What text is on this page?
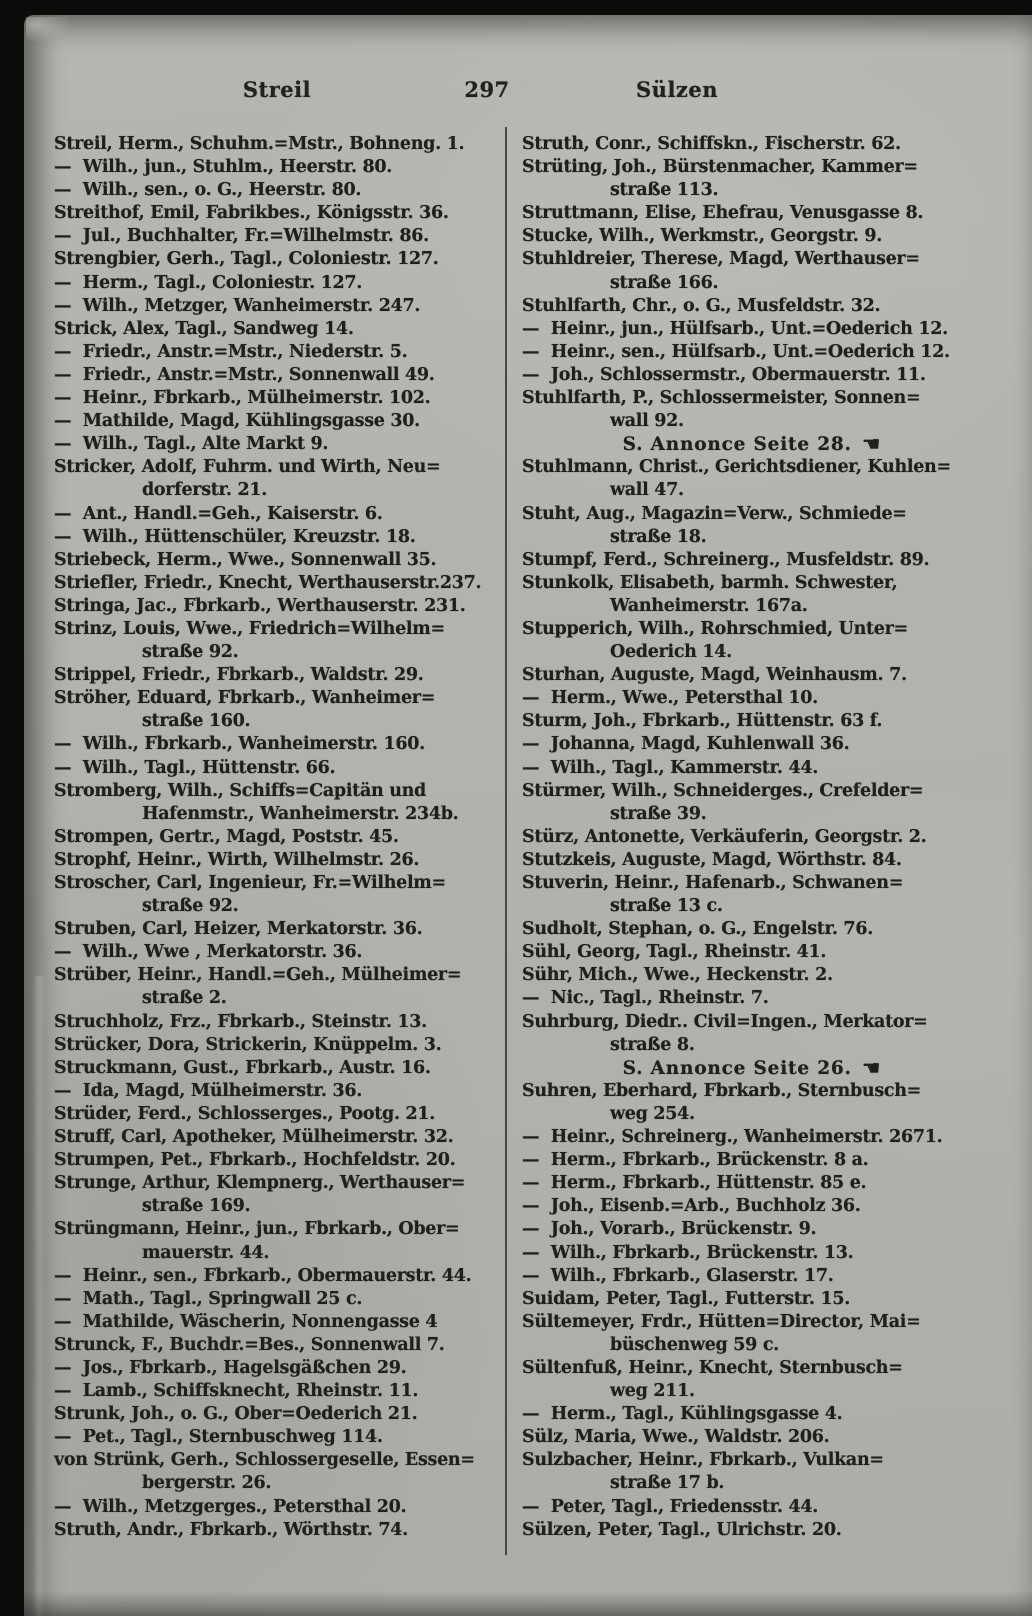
Streil	297	Sülzen
Streil, Herm., Schuhm.=Mstr., Bohneng. 1.
—  Wilh., jun., Stuhlm., Heerstr. 80.
—  Wilh., sen., o. G., Heerstr. 80.
Streithof, Emil, Fabrikbes., Königsstr. 36.
—  Jul., Buchhalter, Fr.=Wilhelmstr. 86.
Strengbier, Gerh., Tagl., Coloniestr. 127.
—  Herm., Tagl., Coloniestr. 127.
—  Wilh., Metzger, Wanheimerstr. 247.
Strick, Alex, Tagl., Sandweg 14.
—  Friedr., Anstr.=Mstr., Niederstr. 5.
—  Friedr., Anstr.=Mstr., Sonnenwall 49.
—  Heinr., Fbrkarb., Mülheimerstr. 102.
—  Mathilde, Magd, Kühlingsgasse 30.
—  Wilh., Tagl., Alte Markt 9.
Stricker, Adolf, Fuhrm. und Wirth, Neu=
dorferstr. 21.
—  Ant., Handl.=Geh., Kaiserstr. 6.
—  Wilh., Hüttenschüler, Kreuzstr. 18.
Striebeck, Herm., Wwe., Sonnenwall 35.
Striefler, Friedr., Knecht, Werthauserstr.237.
Stringa, Jac., Fbrkarb., Werthauserstr. 231.
Strinz, Louis, Wwe., Friedrich=Wilhelm=
straße 92.
Strippel, Friedr., Fbrkarb., Waldstr. 29.
Ströher, Eduard, Fbrkarb., Wanheimer=
straße 160.
—  Wilh., Fbrkarb., Wanheimerstr. 160.
—  Wilh., Tagl., Hüttenstr. 66.
Stromberg, Wilh., Schiffs=Capitän und
Hafenmstr., Wanheimerstr. 234b.
Strompen, Gertr., Magd, Poststr. 45.
Strophf, Heinr., Wirth, Wilhelmstr. 26.
Stroscher, Carl, Ingenieur, Fr.=Wilhelm=
straße 92.
Struben, Carl, Heizer, Merkatorstr. 36.
—  Wilh., Wwe , Merkatorstr. 36.
Strüber, Heinr., Handl.=Geh., Mülheimer=
straße 2.
Struchholz, Frz., Fbrkarb., Steinstr. 13.
Strücker, Dora, Strickerin, Knüppelm. 3.
Struckmann, Gust., Fbrkarb., Austr. 16.
—  Ida, Magd, Mülheimerstr. 36.
Strüder, Ferd., Schlosserges., Pootg. 21.
Struff, Carl, Apotheker, Mülheimerstr. 32.
Strumpen, Pet., Fbrkarb., Hochfeldstr. 20.
Strunge, Arthur, Klempnerg., Werthauser=
straße 169.
Strüngmann, Heinr., jun., Fbrkarb., Ober=
mauerstr. 44.
—  Heinr., sen., Fbrkarb., Obermauerstr. 44.
—  Math., Tagl., Springwall 25 c.
—  Mathilde, Wäscherin, Nonnengasse 4
Strunck, F., Buchdr.=Bes., Sonnenwall 7.
—  Jos., Fbrkarb., Hagelsgäßchen 29.
—  Lamb., Schiffsknecht, Rheinstr. 11.
Strunk, Joh., o. G., Ober=Oederich 21.
—  Pet., Tagl., Sternbuschweg 114.
von Strünk, Gerh., Schlossergeselle, Essen=
bergerstr. 26.
—  Wilh., Metzgerges., Petersthal 20.
Struth, Andr., Fbrkarb., Wörthstr. 74.
Struth, Conr., Schiffskn., Fischerstr. 62.
Strüting, Joh., Bürstenmacher, Kammer=
straße 113.
Struttmann, Elise, Ehefrau, Venusgasse 8.
Stucke, Wilh., Werkmstr., Georgstr. 9.
Stuhldreier, Therese, Magd, Werthauser=
straße 166.
Stuhlfarth, Chr., o. G., Musfeldstr. 32.
—  Heinr., jun., Hülfsarb., Unt.=Oederich 12.
—  Heinr., sen., Hülfsarb., Unt.=Oederich 12.
—  Joh., Schlossermstr., Obermauerstr. 11.
Stuhlfarth, P., Schlossermeister, Sonnen=
wall 92.
S. Annonce Seite 28. ☚
Stuhlmann, Christ., Gerichtsdiener, Kuhlen=
wall 47.
Stuht, Aug., Magazin=Verw., Schmiede=
straße 18.
Stumpf, Ferd., Schreinerg., Musfeldstr. 89.
Stunkolk, Elisabeth, barmh. Schwester,
Wanheimerstr. 167a.
Stupperich, Wilh., Rohrschmied, Unter=
Oederich 14.
Sturhan, Auguste, Magd, Weinhausm. 7.
—  Herm., Wwe., Petersthal 10.
Sturm, Joh., Fbrkarb., Hüttenstr. 63 f.
—  Johanna, Magd, Kuhlenwall 36.
—  Wilh., Tagl., Kammerstr. 44.
Stürmer, Wilh., Schneiderges., Crefelder=
straße 39.
Stürz, Antonette, Verkäuferin, Georgstr. 2.
Stutzkeis, Auguste, Magd, Wörthstr. 84.
Stuverin, Heinr., Hafenarb., Schwanen=
straße 13 c.
Sudholt, Stephan, o. G., Engelstr. 76.
Sühl, Georg, Tagl., Rheinstr. 41.
Sühr, Mich., Wwe., Heckenstr. 2.
—  Nic., Tagl., Rheinstr. 7.
Suhrburg, Diedr.. Civil=Ingen., Merkator=
straße 8.
S. Annonce Seite 26. ☚
Suhren, Eberhard, Fbrkarb., Sternbusch=
weg 254.
—  Heinr., Schreinerg., Wanheimerstr. 2671.
—  Herm., Fbrkarb., Brückenstr. 8 a.
—  Herm., Fbrkarb., Hüttenstr. 85 e.
—  Joh., Eisenb.=Arb., Buchholz 36.
—  Joh., Vorarb., Brückenstr. 9.
—  Wilh., Fbrkarb., Brückenstr. 13.
—  Wilh., Fbrkarb., Glaserstr. 17.
Suidam, Peter, Tagl., Futterstr. 15.
Sültemeyer, Frdr., Hütten=Director, Mai=
büschenweg 59 c.
Sültenfuß, Heinr., Knecht, Sternbusch=
weg 211.
—  Herm., Tagl., Kühlingsgasse 4.
Sülz, Maria, Wwe., Waldstr. 206.
Sulzbacher, Heinr., Fbrkarb., Vulkan=
straße 17 b.
—  Peter, Tagl., Friedensstr. 44.
Sülzen, Peter, Tagl., Ulrichstr. 20.
